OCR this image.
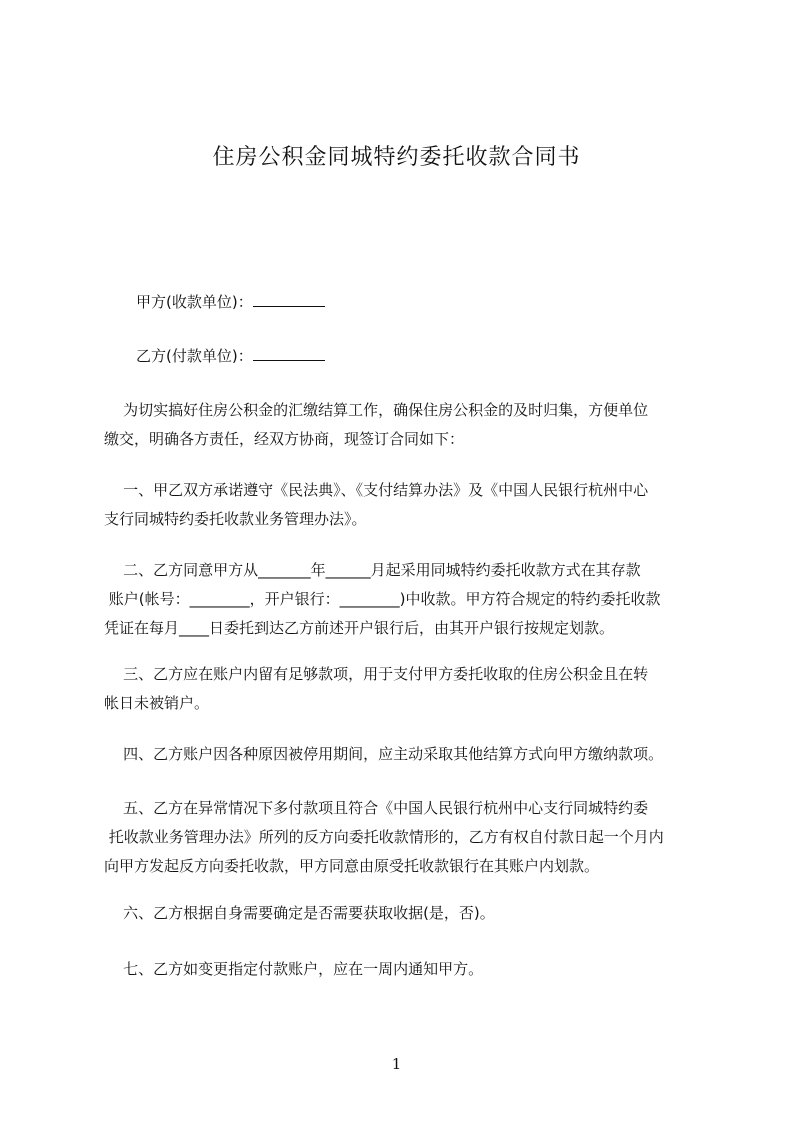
住房公积金同城特约委托收款合同书
甲方(收款单位)：
乙方(付款单位)：
为切实搞好住房公积金的汇缴结算工作，确保住房公积金的及时归集，方便单位
缴交，明确各方责任，经双方协商，现签订合同如下：
一、甲乙双方承诺遵守《民法典》、《支付结算办法》及《中国人民银行杭州中心
支行同城特约委托收款业务管理办法》。
二、乙方同意甲方从_______年______月起采用同城特约委托收款方式在其存款
账户(帐号：________，开户银行：________)中收款。甲方符合规定的特约委托收款
凭证在每月____日委托到达乙方前述开户银行后，由其开户银行按规定划款。
三、乙方应在账户内留有足够款项，用于支付甲方委托收取的住房公积金且在转
帐日未被销户。
四、乙方账户因各种原因被停用期间，应主动采取其他结算方式向甲方缴纳款项。
五、乙方在异常情况下多付款项且符合《中国人民银行杭州中心支行同城特约委
托收款业务管理办法》所列的反方向委托收款情形的，乙方有权自付款日起一个月内
向甲方发起反方向委托收款，甲方同意由原受托收款银行在其账户内划款。
六、乙方根据自身需要确定是否需要获取收据(是，否)。
七、乙方如变更指定付款账户，应在一周内通知甲方。
1
